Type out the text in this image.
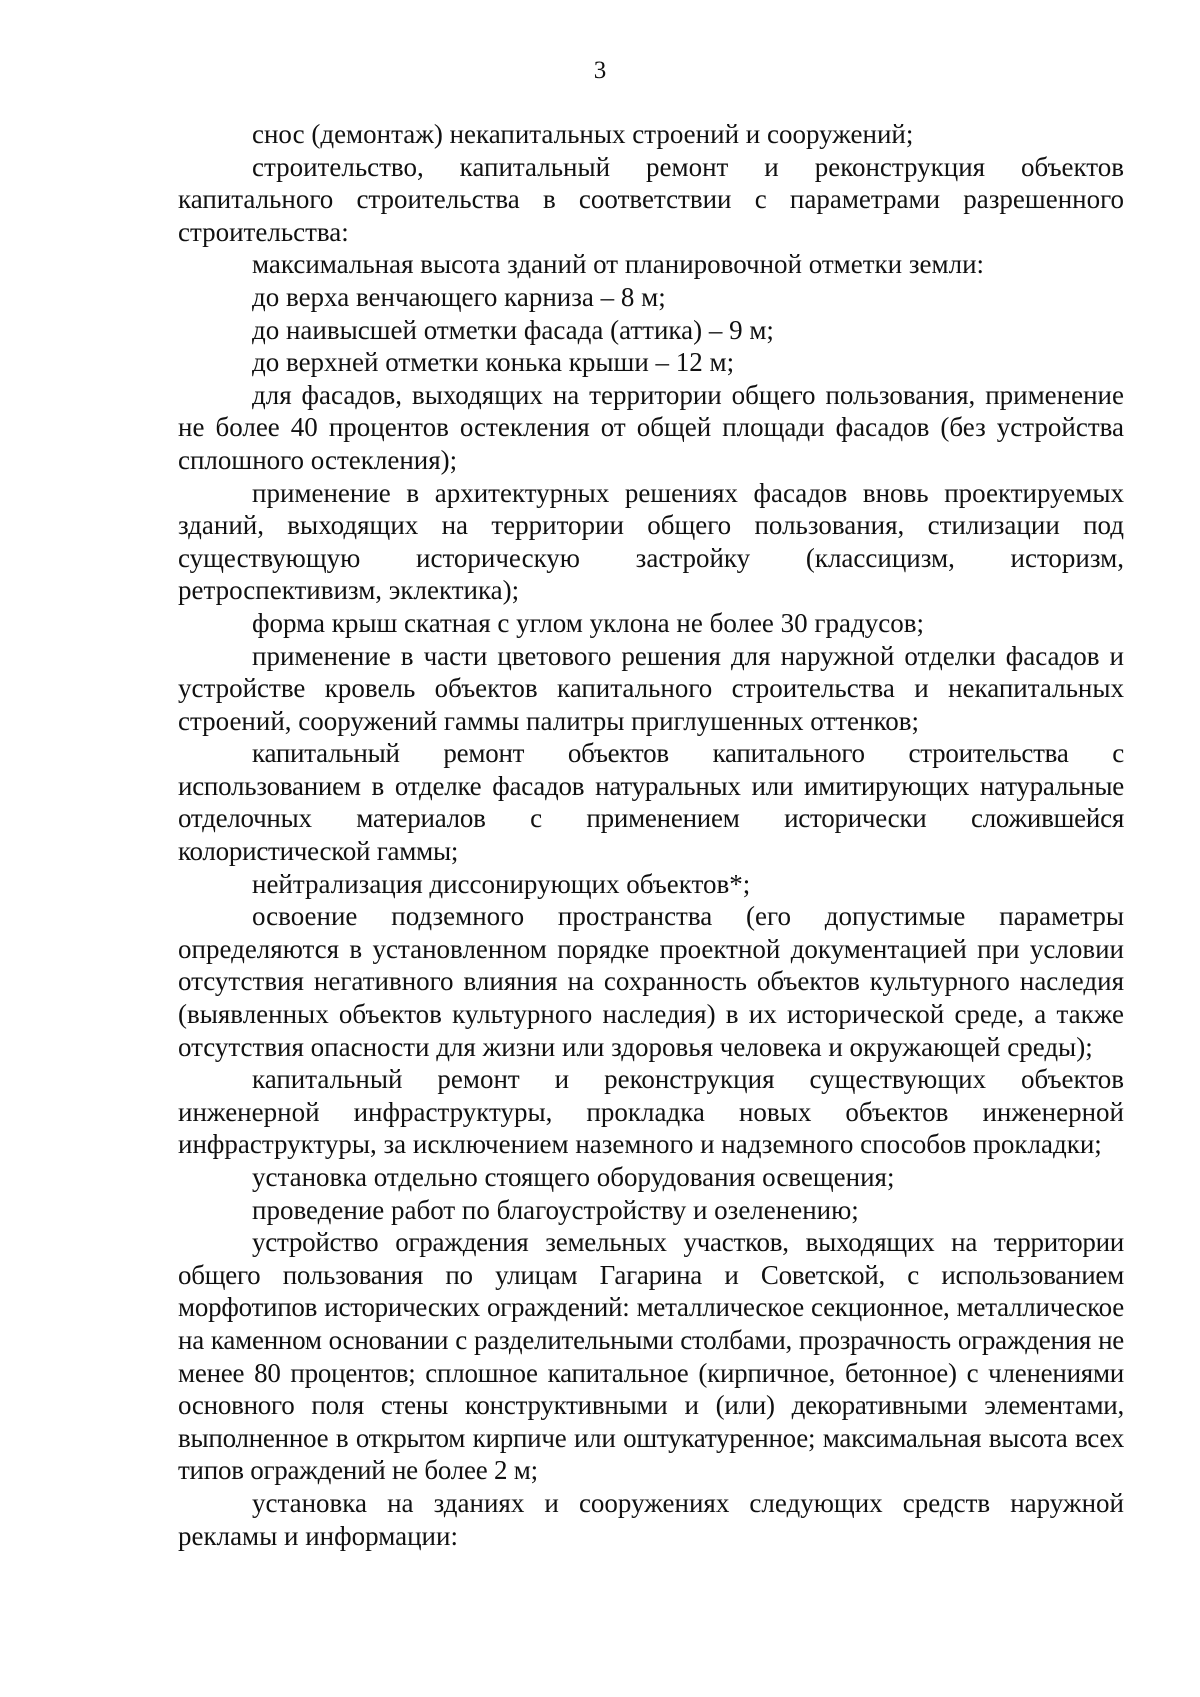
3

снос (демонтаж) некапитальных строений и сооружений;

строительство, капитальный ремонт и реконструкция объектов капитального строительства в соответствии с параметрами разрешенного строительства:

максимальная высота зданий от планировочной отметки земли:

до верха венчающего карниза – 8 м;

до наивысшей отметки фасада (аттика) – 9 м;

до верхней отметки конька крыши – 12 м;

для фасадов, выходящих на территории общего пользования, применение не более 40 процентов остекления от общей площади фасадов (без устройства сплошного остекления);

применение в архитектурных решениях фасадов вновь проектируемых зданий, выходящих на территории общего пользования, стилизации под существующую историческую застройку (классицизм, историзм, ретроспективизм, эклектика);

форма крыш скатная с углом уклона не более 30 градусов;

применение в части цветового решения для наружной отделки фасадов и устройстве кровель объектов капитального строительства и некапитальных строений, сооружений гаммы палитры приглушенных оттенков;

капитальный ремонт объектов капитального строительства с использованием в отделке фасадов натуральных или имитирующих натуральные отделочных материалов с применением исторически сложившейся колористической гаммы;

нейтрализация диссонирующих объектов*;

освоение подземного пространства (его допустимые параметры определяются в установленном порядке проектной документацией при условии отсутствия негативного влияния на сохранность объектов культурного наследия (выявленных объектов культурного наследия) в их исторической среде, а также отсутствия опасности для жизни или здоровья человека и окружающей среды);

капитальный ремонт и реконструкция существующих объектов инженерной инфраструктуры, прокладка новых объектов инженерной инфраструктуры, за исключением наземного и надземного способов прокладки;

установка отдельно стоящего оборудования освещения;

проведение работ по благоустройству и озеленению;

устройство ограждения земельных участков, выходящих на территории общего пользования по улицам Гагарина и Советской, с использованием морфотипов исторических ограждений: металлическое секционное, металлическое на каменном основании с разделительными столбами, прозрачность ограждения не менее 80 процентов; сплошное капитальное (кирпичное, бетонное) с членениями основного поля стены конструктивными и (или) декоративными элементами, выполненное в открытом кирпиче или оштукатуренное; максимальная высота всех типов ограждений не более 2 м;

установка на зданиях и сооружениях следующих средств наружной рекламы и информации:
